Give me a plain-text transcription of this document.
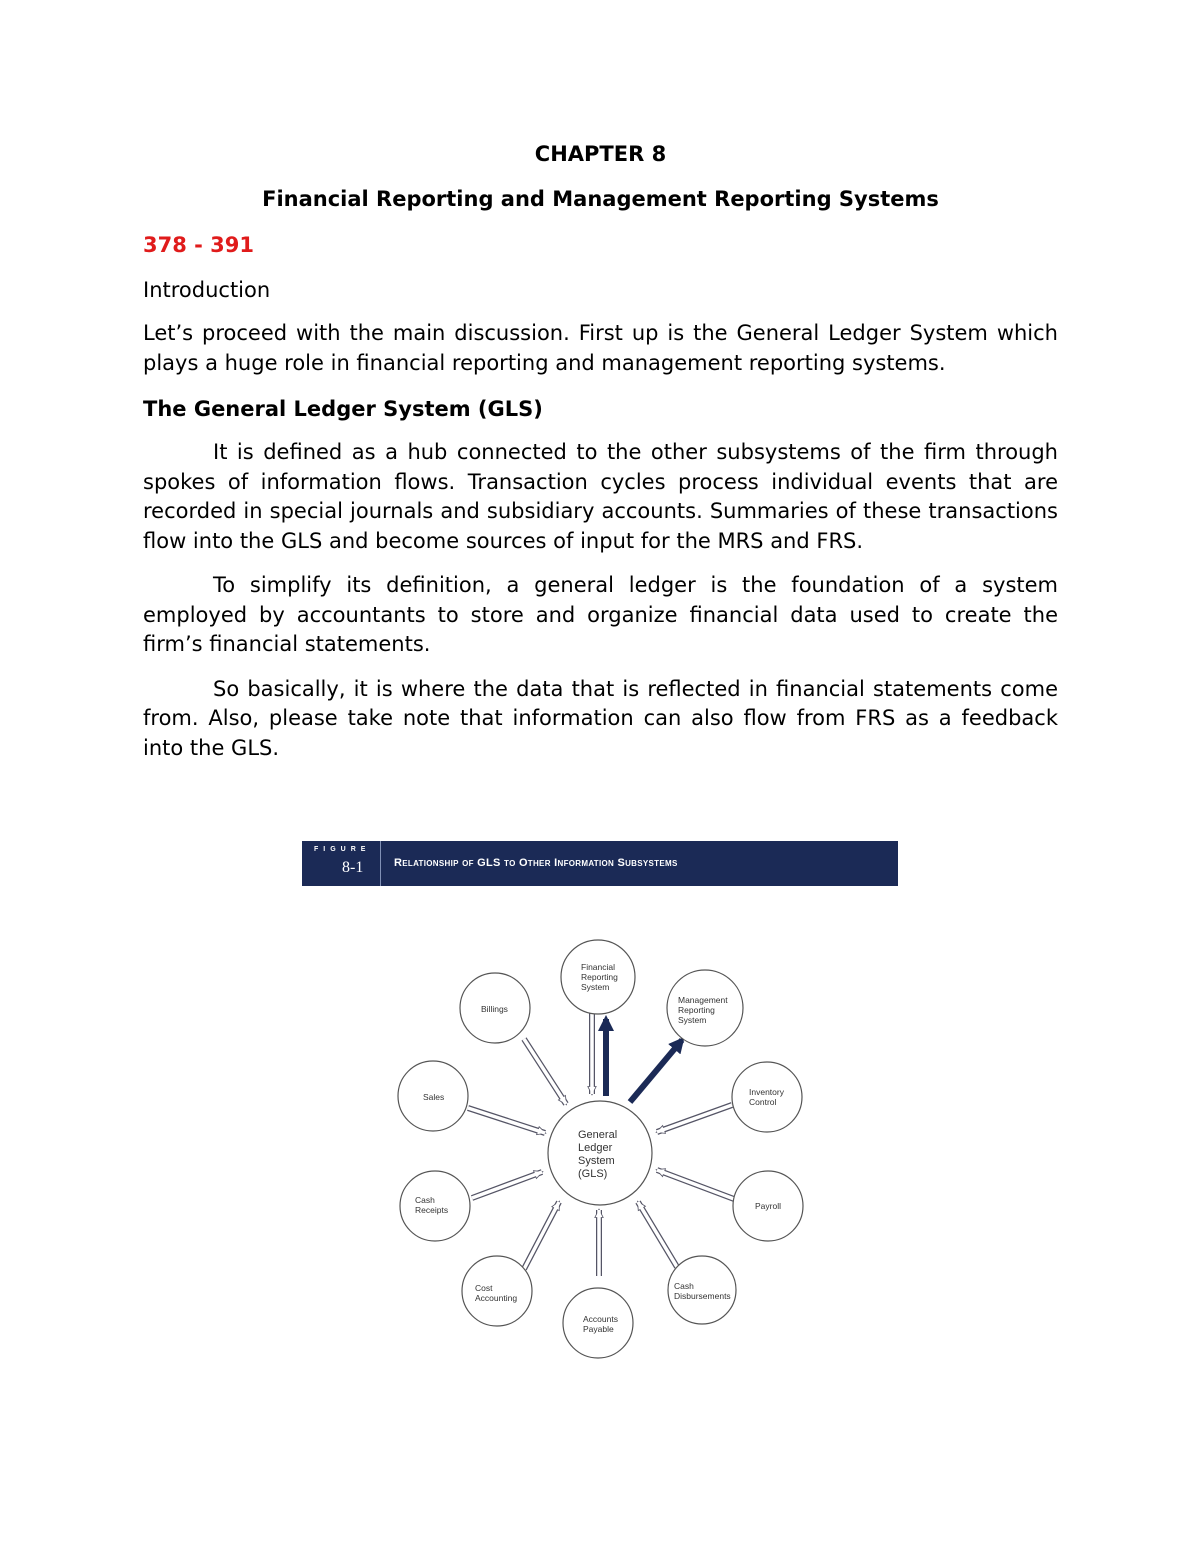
CHAPTER 8
Financial Reporting and Management Reporting Systems
378 - 391
Introduction

Let’s proceed with the main discussion. First up is the General Ledger System which plays a huge role in financial reporting and management reporting systems.

The General Ledger System (GLS)

It is defined as a hub connected to the other subsystems of the firm through spokes of information flows. Transaction cycles process individual events that are recorded in special journals and subsidiary accounts. Summaries of these transactions flow into the GLS and become sources of input for the MRS and FRS.

To simplify its definition, a general ledger is the foundation of a system employed by accountants to store and organize financial data used to create the firm’s financial statements.

So basically, it is where the data that is reflected in financial statements come from. Also, please take note that information can also flow from FRS as a feedback into the GLS.

FIGURE
8-1	Relationship of GLS to Other Information Subsystems
General
Ledger
System
(GLS)
Financial
Reporting
System
Management
Reporting
System
Inventory
Control
Payroll
Cash
Disbursements
Accounts
Payable
Cost
Accounting
Cash
Receipts
Sales
Billings
